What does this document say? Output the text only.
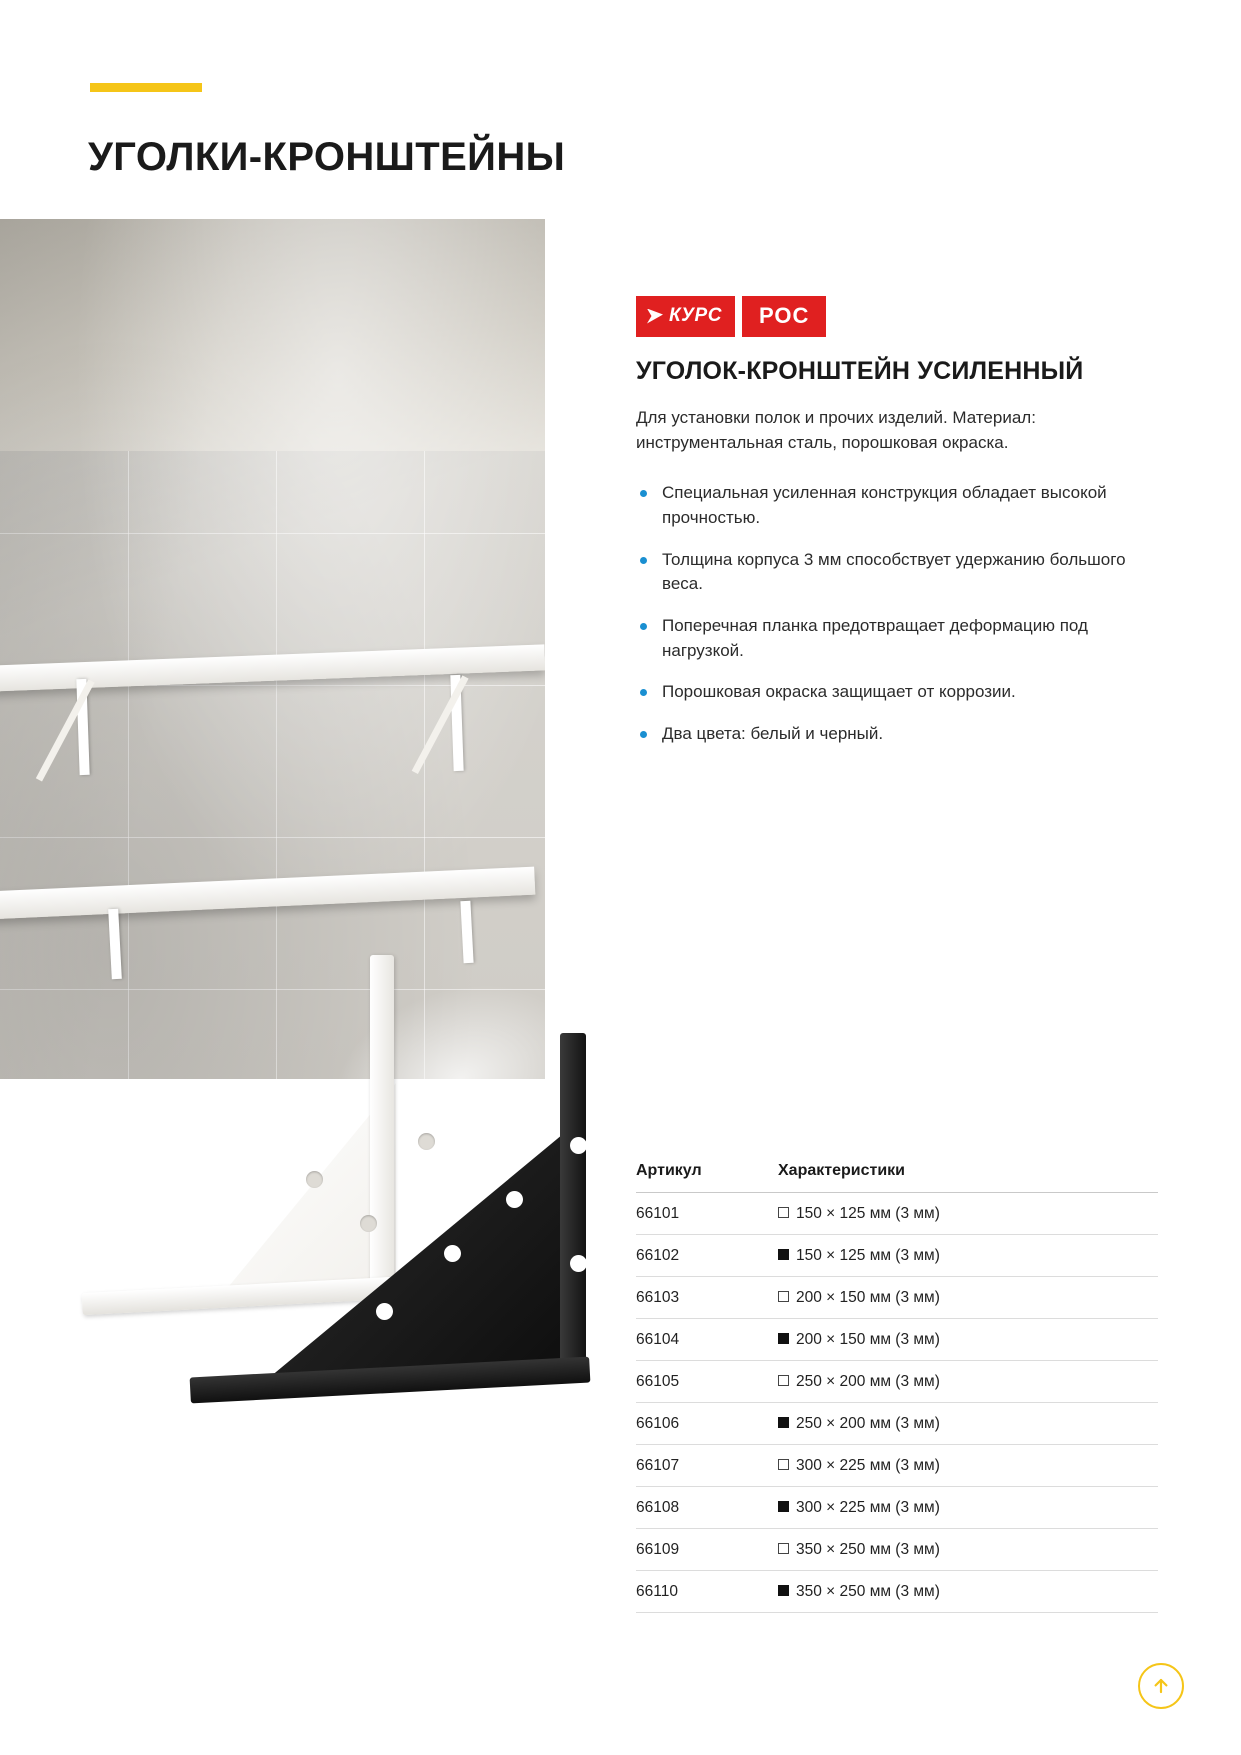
УГОЛКИ-КРОНШТЕЙНЫ
КУРС РОС
УГОЛОК-КРОНШТЕЙН УСИЛЕННЫЙ
Для установки полок и прочих изделий. Материал: инструментальная сталь, порошковая окраска.
Специальная усиленная конструкция обладает высокой прочностью.
Толщина корпуса 3 мм способствует удержанию большого веса.
Поперечная планка предотвращает деформацию под нагрузкой.
Порошковая окраска защищает от коррозии.
Два цвета: белый и черный.
Артикул	Характеристики
66101	150 × 125 мм (3 мм)
66102	150 × 125 мм (3 мм)
66103	200 × 150 мм (3 мм)
66104	200 × 150 мм (3 мм)
66105	250 × 200 мм (3 мм)
66106	250 × 200 мм (3 мм)
66107	300 × 225 мм (3 мм)
66108	300 × 225 мм (3 мм)
66109	350 × 250 мм (3 мм)
66110	350 × 250 мм (3 мм)
